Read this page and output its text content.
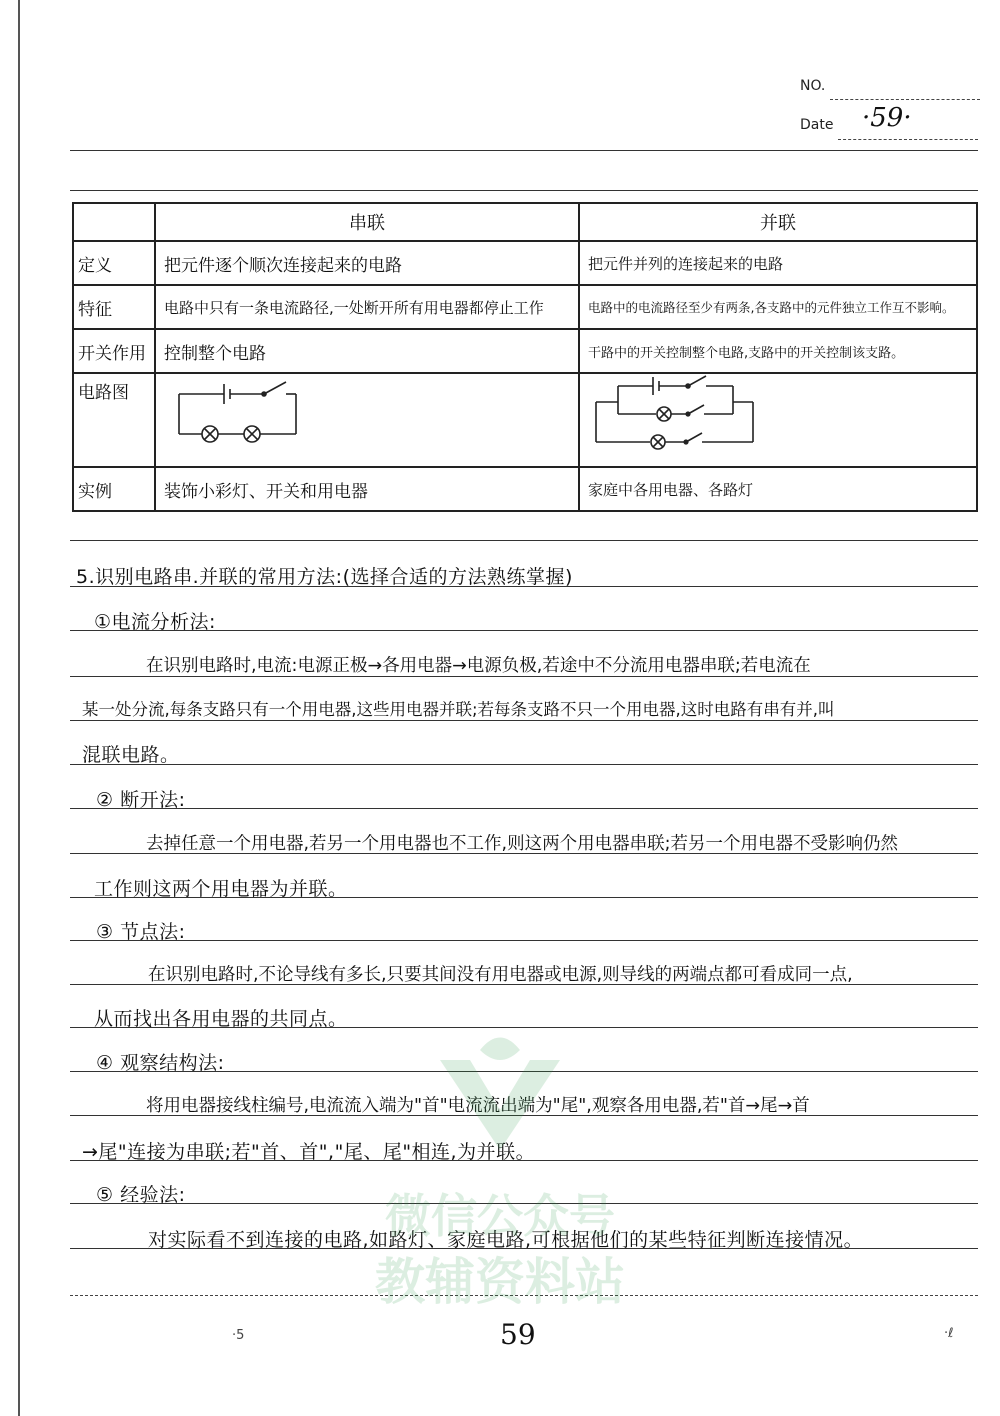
NO.
Date ·59·
	串联	并联
定义	把元件逐个顺次连接起来的电路	把元件并列的连接起来的电路
特征	电路中只有一条电流路径,一处断开所有用电器都停止工作	电路中的电流路径至少有两条,各支路中的元件独立工作互不影响。
开关作用	控制整个电路	干路中的开关控制整个电路,支路中的开关控制该支路。
电路图	

实例	装饰小彩灯、开关和用电器	家庭中各用电器、各路灯
5.识别电路串.并联的常用方法:(选择合适的方法熟练掌握)
①电流分析法:
在识别电路时,电流:电源正极→各用电器→电源负极,若途中不分流用电器串联;若电流在
某一处分流,每条支路只有一个用电器,这些用电器并联;若每条支路不只一个用电器,这时电路有串有并,叫
混联电路。
② 断开法:
去掉任意一个用电器,若另一个用电器也不工作,则这两个用电器串联;若另一个用电器不受影响仍然
工作则这两个用电器为并联。
③ 节点法:
在识别电路时,不论导线有多长,只要其间没有用电器或电源,则导线的两端点都可看成同一点,
从而找出各用电器的共同点。
④ 观察结构法:
将用电器接线柱编号,电流流入端为"首"电流流出端为"尾",观察各用电器,若"首→尾→首
→尾"连接为串联;若"首、首","尾、尾"相连,为并联。
⑤ 经验法:
对实际看不到连接的电路,如路灯、家庭电路,可根据他们的某些特征判断连接情况。
微信公众号
教辅资料站
·5	59	·ℓ
